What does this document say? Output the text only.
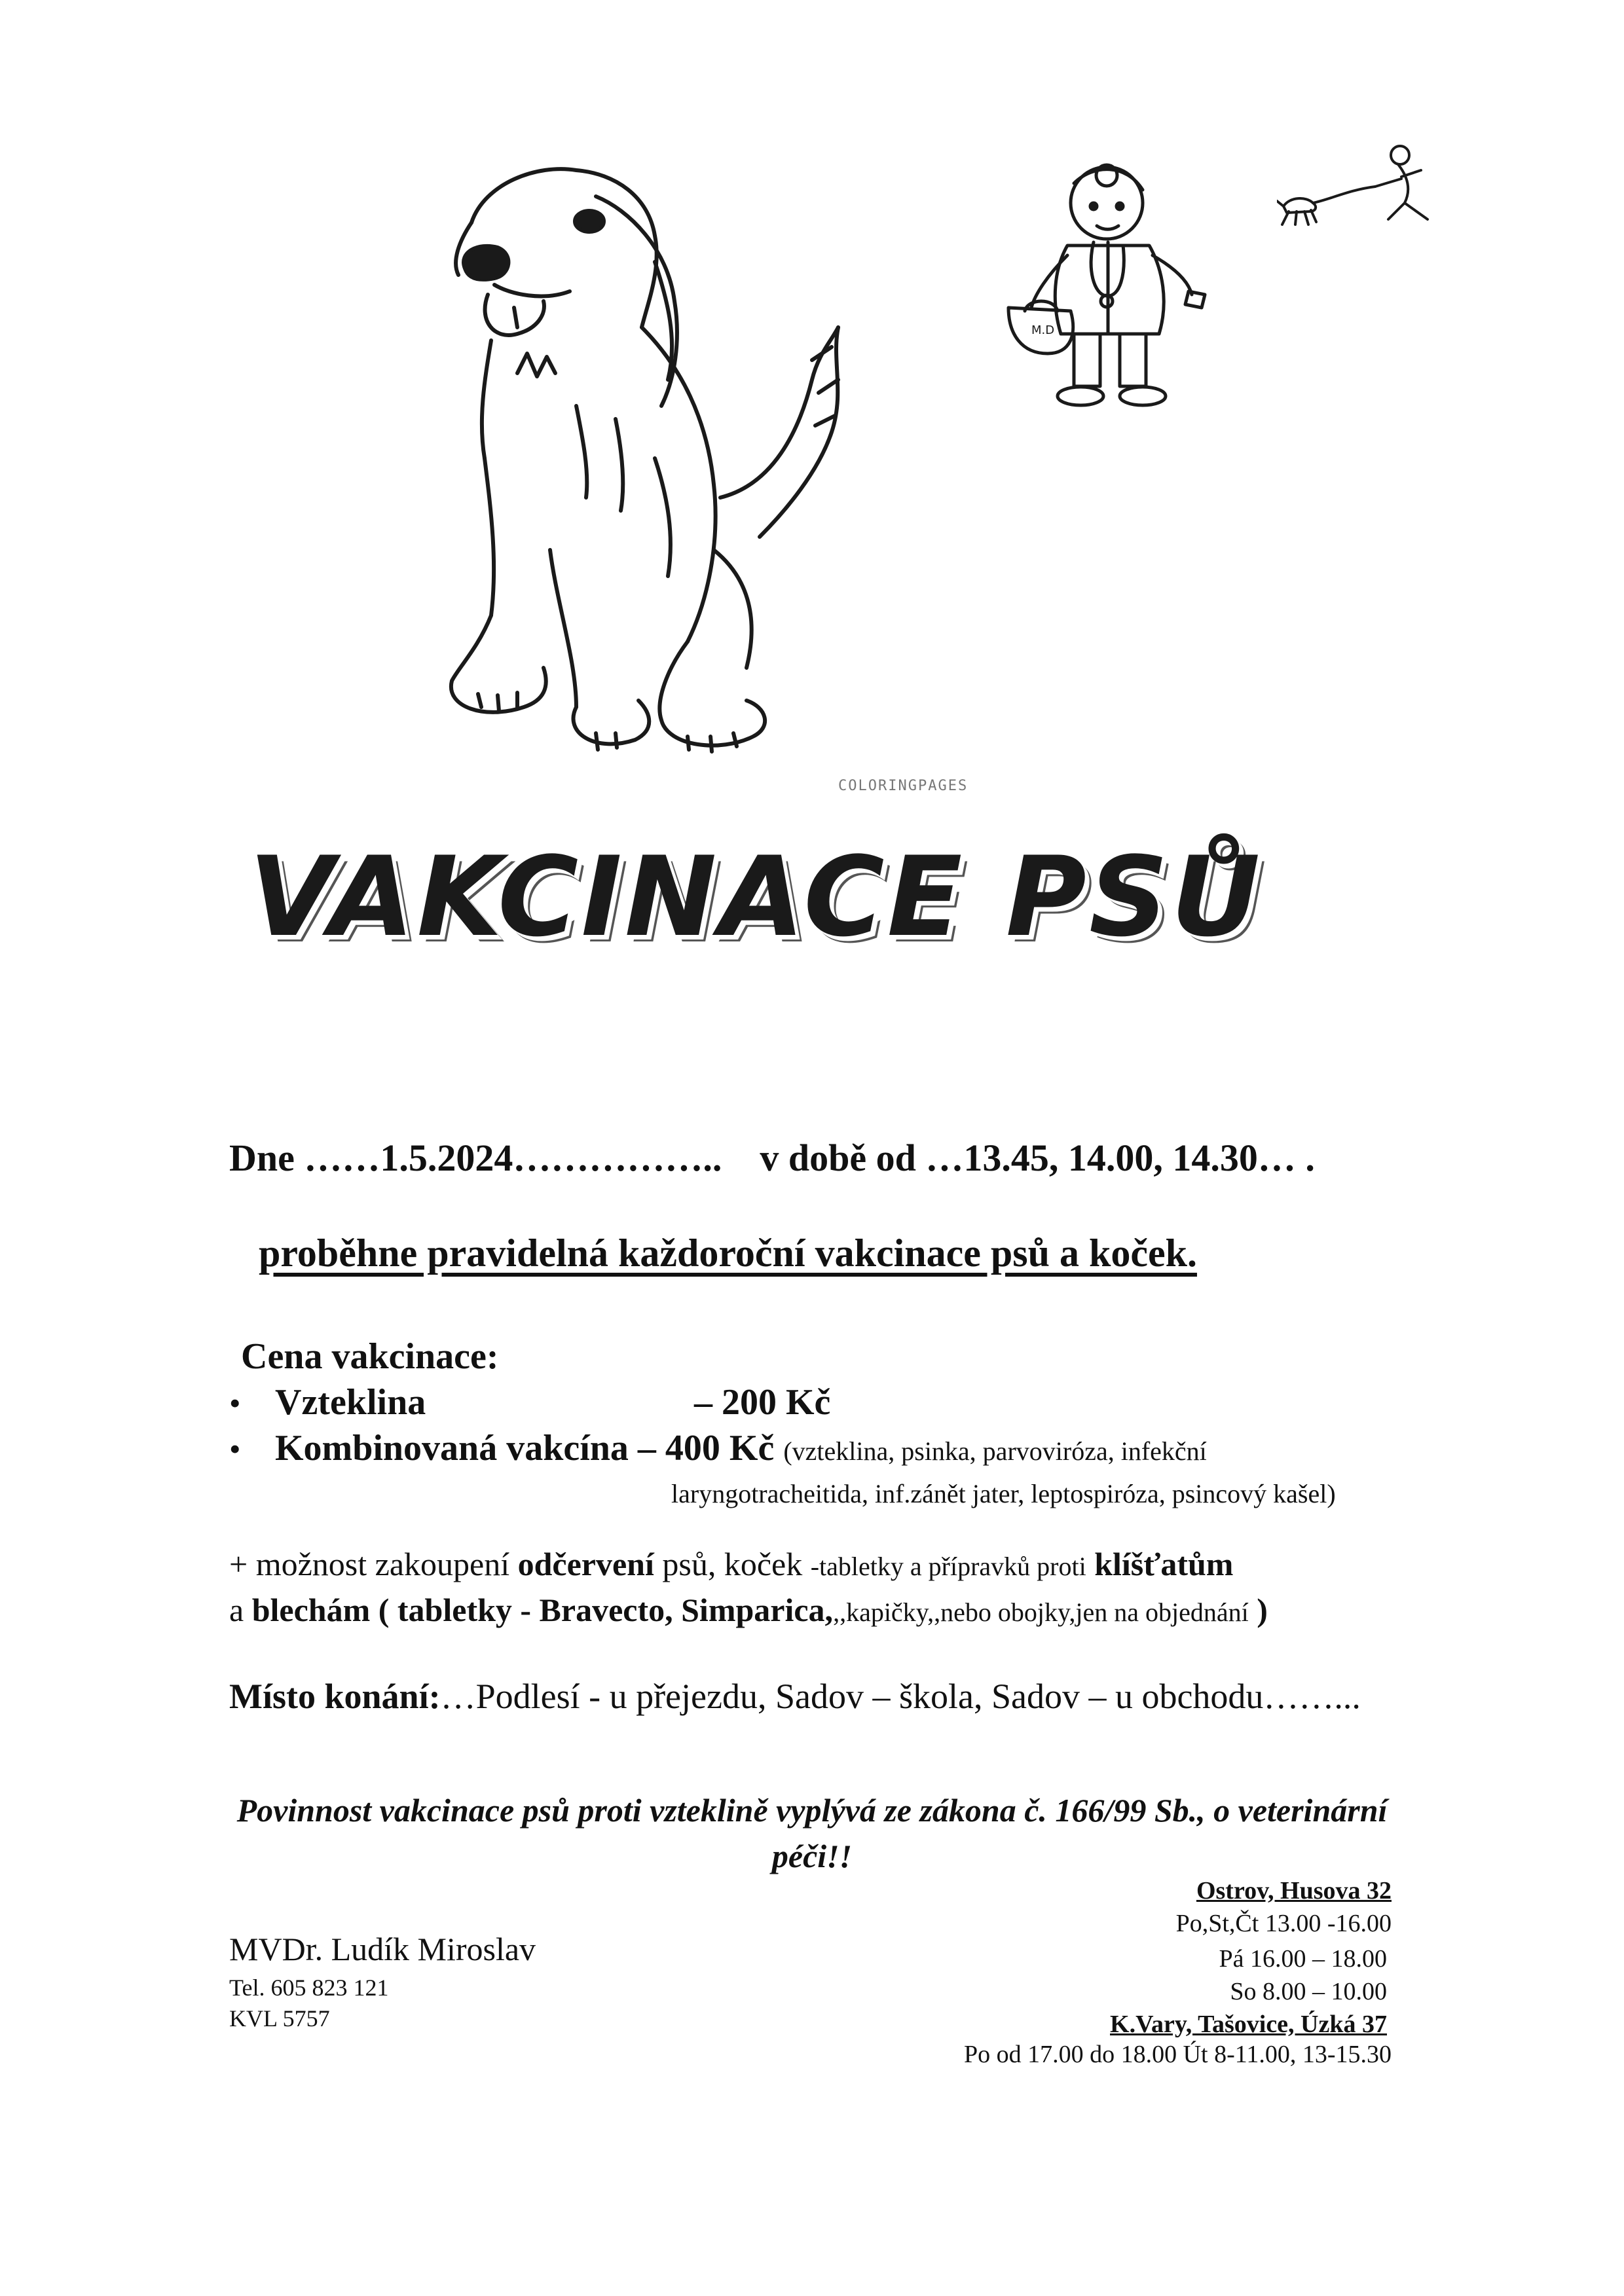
M.D
COLORINGPAGES
VAKCINACE PSŮ
Dne ……1.5.2024…………….. v době od …13.45, 14.00, 14.30… .
proběhne pravidelná každoroční vakcinace psů a koček.
Cena vakcinace:
• Vzteklina	– 200 Kč
• Kombinovaná vakcína – 400 Kč (vzteklina, psinka, parvoviróza, infekční
laryngotracheitida, inf.zánět jater, leptospiróza, psincový kašel)
+ možnost zakoupení odčervení psů, koček -tabletky a přípravků proti klíšťatům
a blechám ( tabletky - Bravecto, Simparica,,,kapičky,,nebo obojky,jen na objednání )
Místo konání:…Podlesí - u přejezdu, Sadov – škola, Sadov – u obchodu……...
Povinnost vakcinace psů proti vzteklině vyplývá ze zákona č. 166/99 Sb., o veterinární péči!!
MVDr. Ludík Miroslav
Tel. 605 823 121
KVL 5757
Ostrov, Husova 32
Po,St,Čt 13.00 -16.00
Pá 16.00 – 18.00
So 8.00 – 10.00
K.Vary, Tašovice, Úzká 37
Po od 17.00 do 18.00 Út 8-11.00, 13-15.30
